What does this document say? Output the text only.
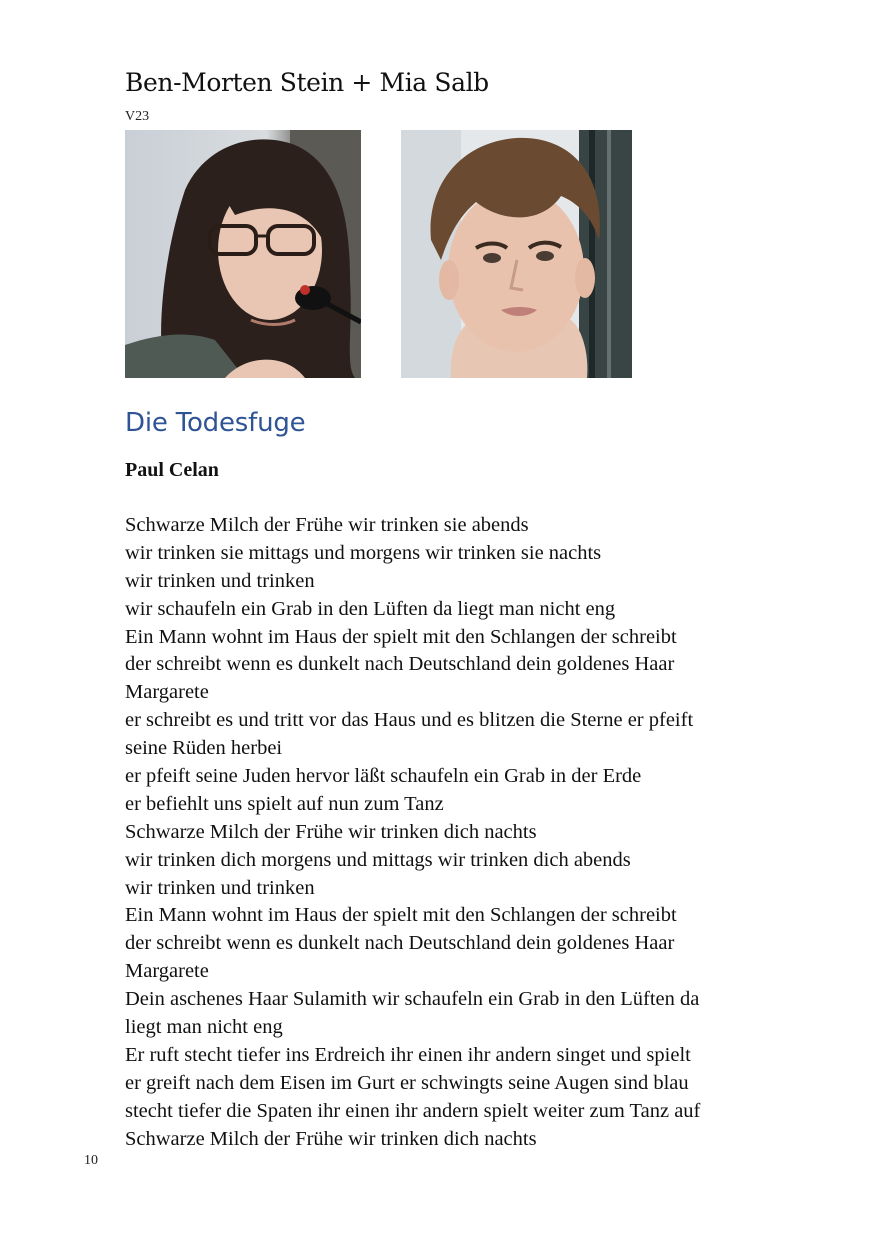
Ben-Morten Stein + Mia Salb
V23
Die Todesfuge
Paul Celan
Schwarze Milch der Frühe wir trinken sie abends
wir trinken sie mittags und morgens wir trinken sie nachts
wir trinken und trinken
wir schaufeln ein Grab in den Lüften da liegt man nicht eng
Ein Mann wohnt im Haus der spielt mit den Schlangen der schreibt
der schreibt wenn es dunkelt nach Deutschland dein goldenes Haar
Margarete
er schreibt es und tritt vor das Haus und es blitzen die Sterne er pfeift
seine Rüden herbei
er pfeift seine Juden hervor läßt schaufeln ein Grab in der Erde
er befiehlt uns spielt auf nun zum Tanz
Schwarze Milch der Frühe wir trinken dich nachts
wir trinken dich morgens und mittags wir trinken dich abends
wir trinken und trinken
Ein Mann wohnt im Haus der spielt mit den Schlangen der schreibt
der schreibt wenn es dunkelt nach Deutschland dein goldenes Haar
Margarete
Dein aschenes Haar Sulamith wir schaufeln ein Grab in den Lüften da
liegt man nicht eng
Er ruft stecht tiefer ins Erdreich ihr einen ihr andern singet und spielt
er greift nach dem Eisen im Gurt er schwingts seine Augen sind blau
stecht tiefer die Spaten ihr einen ihr andern spielt weiter zum Tanz auf
Schwarze Milch der Frühe wir trinken dich nachts
10
